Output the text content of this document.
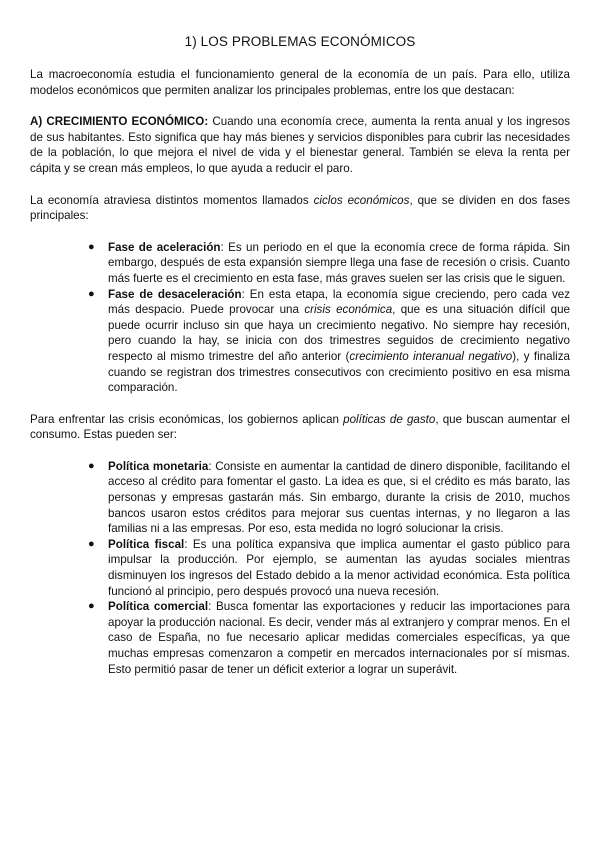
1) LOS PROBLEMAS ECONÓMICOS

La macroeconomía estudia el funcionamiento general de la economía de un país. Para ello, utiliza modelos económicos que permiten analizar los principales problemas, entre los que destacan:

A) CRECIMIENTO ECONÓMICO: Cuando una economía crece, aumenta la renta anual y los ingresos de sus habitantes. Esto significa que hay más bienes y servicios disponibles para cubrir las necesidades de la población, lo que mejora el nivel de vida y el bienestar general. También se eleva la renta per cápita y se crean más empleos, lo que ayuda a reducir el paro.

La economía atraviesa distintos momentos llamados ciclos económicos, que se dividen en dos fases principales:

● Fase de aceleración: Es un periodo en el que la economía crece de forma rápida. Sin embargo, después de esta expansión siempre llega una fase de recesión o crisis. Cuanto más fuerte es el crecimiento en esta fase, más graves suelen ser las crisis que le siguen.
● Fase de desaceleración: En esta etapa, la economía sigue creciendo, pero cada vez más despacio. Puede provocar una crisis económica, que es una situación difícil que puede ocurrir incluso sin que haya un crecimiento negativo. No siempre hay recesión, pero cuando la hay, se inicia con dos trimestres seguidos de crecimiento negativo respecto al mismo trimestre del año anterior (crecimiento interanual negativo), y finaliza cuando se registran dos trimestres consecutivos con crecimiento positivo en esa misma comparación.

Para enfrentar las crisis económicas, los gobiernos aplican políticas de gasto, que buscan aumentar el consumo. Estas pueden ser:

● Política monetaria: Consiste en aumentar la cantidad de dinero disponible, facilitando el acceso al crédito para fomentar el gasto. La idea es que, si el crédito es más barato, las personas y empresas gastarán más. Sin embargo, durante la crisis de 2010, muchos bancos usaron estos créditos para mejorar sus cuentas internas, y no llegaron a las familias ni a las empresas. Por eso, esta medida no logró solucionar la crisis.
● Política fiscal: Es una política expansiva que implica aumentar el gasto público para impulsar la producción. Por ejemplo, se aumentan las ayudas sociales mientras disminuyen los ingresos del Estado debido a la menor actividad económica. Esta política funcionó al principio, pero después provocó una nueva recesión.
● Política comercial: Busca fomentar las exportaciones y reducir las importaciones para apoyar la producción nacional. Es decir, vender más al extranjero y comprar menos. En el caso de España, no fue necesario aplicar medidas comerciales específicas, ya que muchas empresas comenzaron a competir en mercados internacionales por sí mismas. Esto permitió pasar de tener un déficit exterior a lograr un superávit.
